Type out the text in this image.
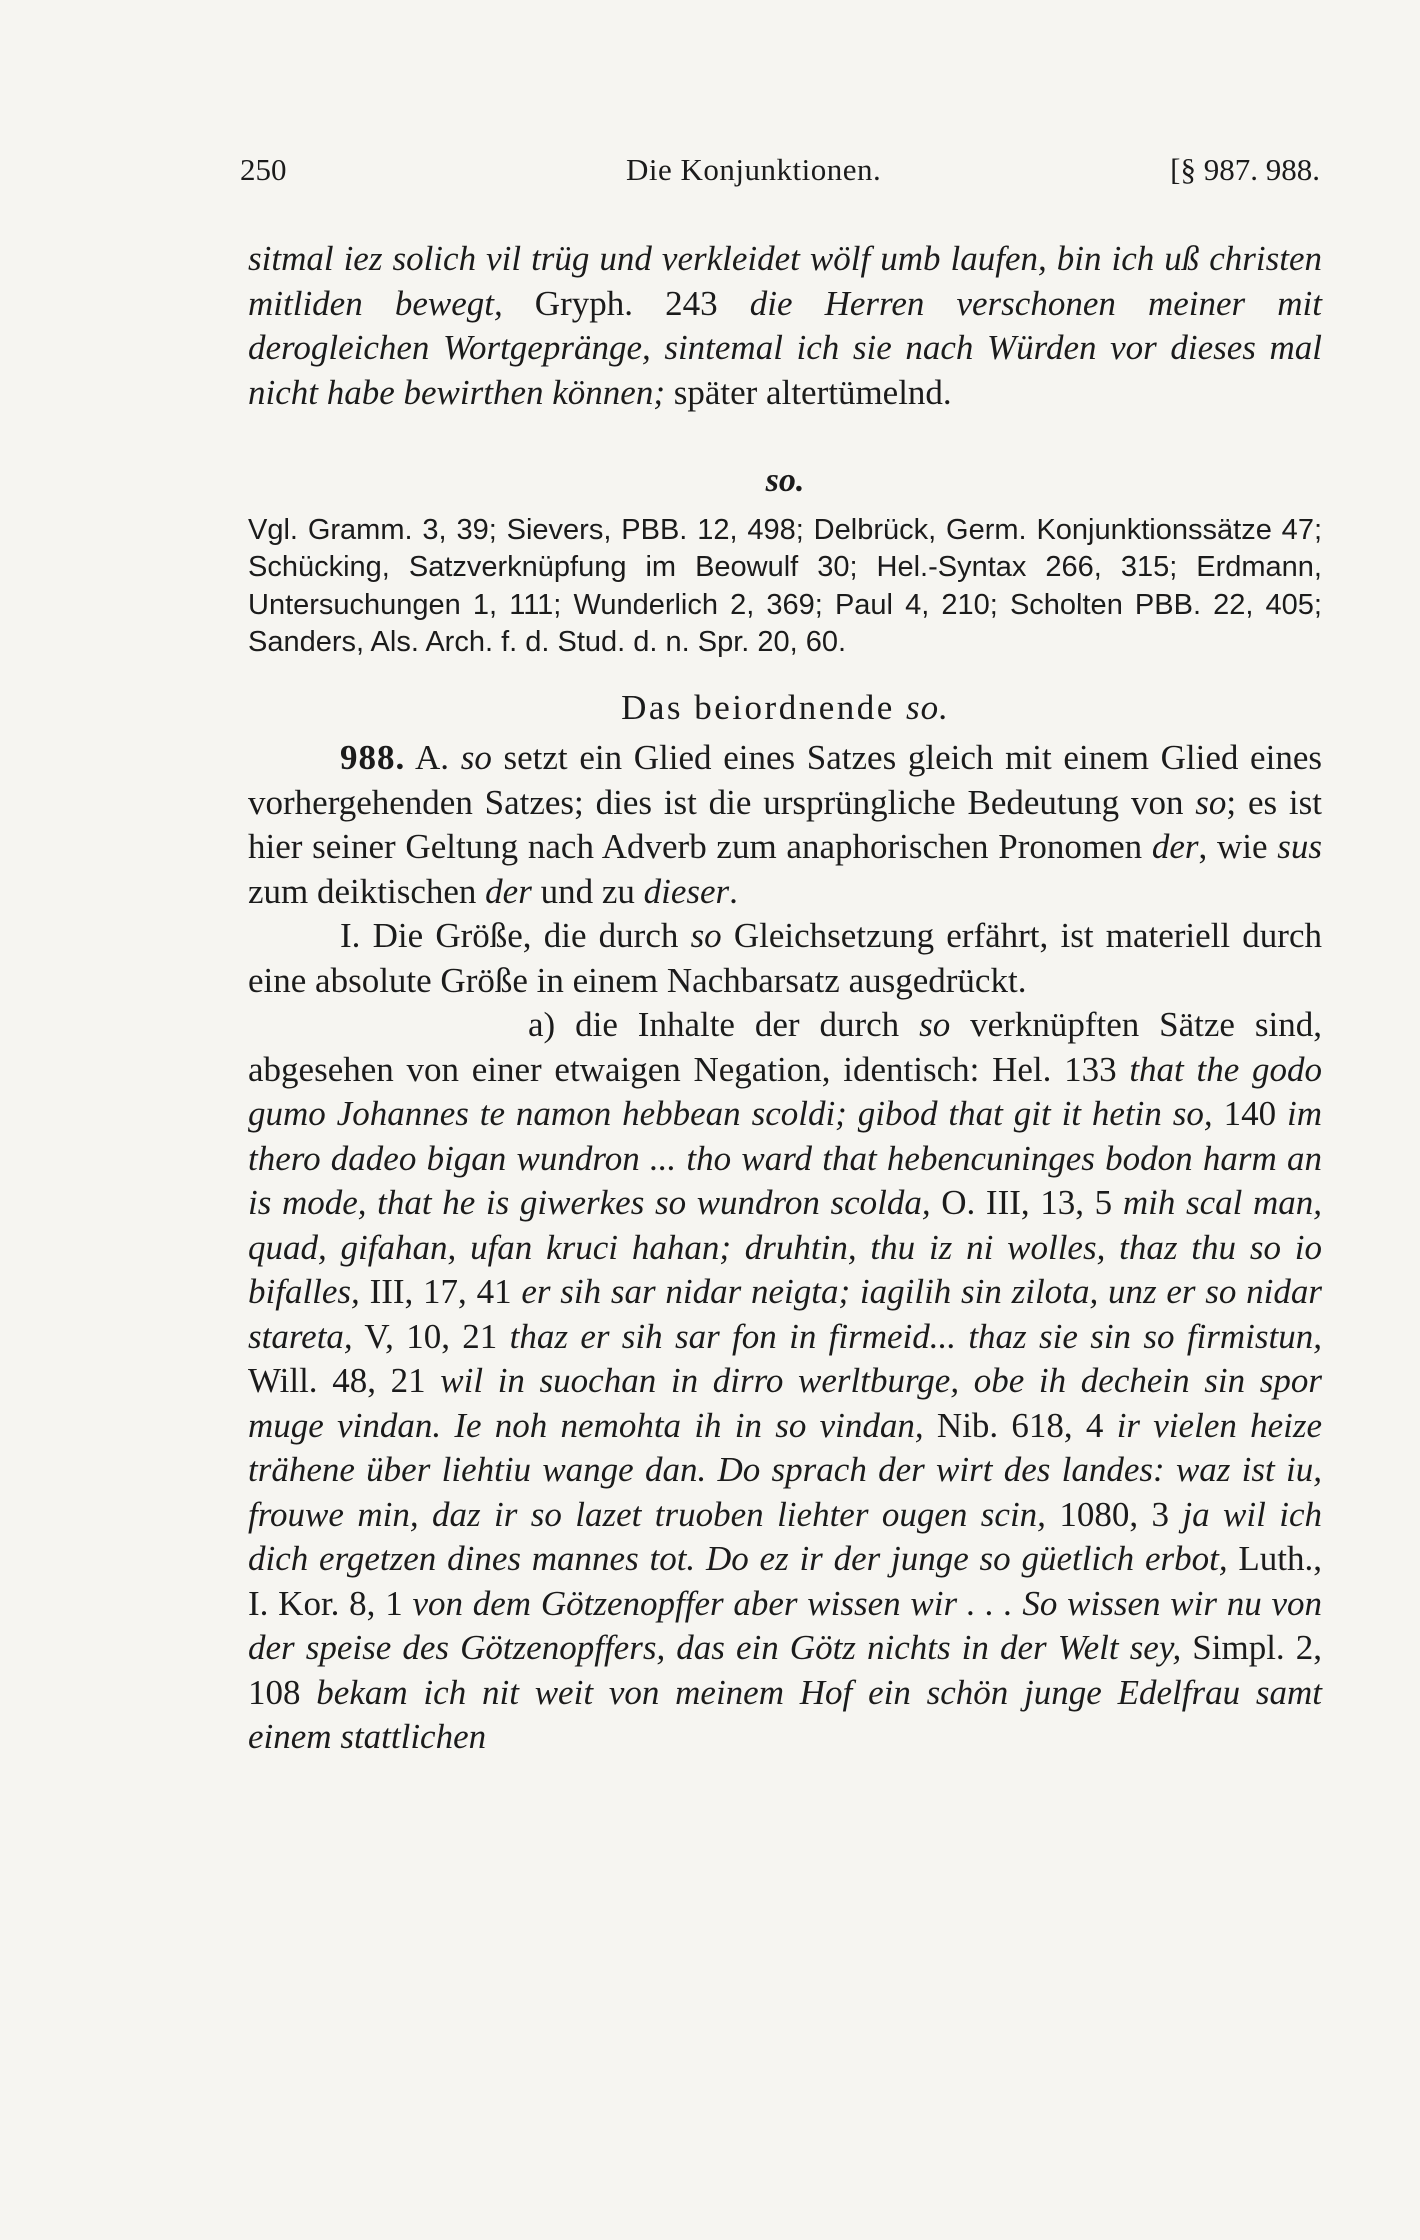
250	Die Konjunktionen.	[§ 987. 988.

sitmal iez solich vil trüg und verkleidet wölf umb laufen, bin ich uß christen mitliden bewegt, Gryph. 243 die Herren verschonen meiner mit derogleichen Wortgepränge, sintemal ich sie nach Würden vor dieses mal nicht habe bewirthen können; später altertümelnd.

so.

Vgl. Gramm. 3, 39; Sievers, PBB. 12, 498; Delbrück, Germ. Konjunktionssätze 47; Schücking, Satzverknüpfung im Beowulf 30; Hel.-Syntax 266, 315; Erdmann, Untersuchungen 1, 111; Wunderlich 2, 369; Paul 4, 210; Scholten PBB. 22, 405; Sanders, Als. Arch. f. d. Stud. d. n. Spr. 20, 60.

Das beiordnende so.

988. A. so setzt ein Glied eines Satzes gleich mit einem Glied eines vorhergehenden Satzes; dies ist die ursprüngliche Bedeutung von so; es ist hier seiner Geltung nach Adverb zum anaphorischen Pronomen der, wie sus zum deiktischen der und zu dieser.

I. Die Größe, die durch so Gleichsetzung erfährt, ist materiell durch eine absolute Größe in einem Nachbarsatz ausgedrückt.

a) die Inhalte der durch so verknüpften Sätze sind, abgesehen von einer etwaigen Negation, identisch: Hel. 133 that the godo gumo Johannes te namon hebbean scoldi; gibod that git it hetin so, 140 im thero dadeo bigan wundron ... tho ward that hebencuninges bodon harm an is mode, that he is giwerkes so wundron scolda, O. III, 13, 5 mih scal man, quad, gifahan, ufan kruci hahan; druhtin, thu iz ni wolles, thaz thu so io bifalles, III, 17, 41 er sih sar nidar neigta; iagilih sin zilota, unz er so nidar stareta, V, 10, 21 thaz er sih sar fon in firmeid... thaz sie sin so firmistun, Will. 48, 21 wil in suochan in dirro werltburge, obe ih dechein sin spor muge vindan. Ie noh nemohta ih in so vindan, Nib. 618, 4 ir vielen heize trähene über liehtiu wange dan. Do sprach der wirt des landes: waz ist iu, frouwe min, daz ir so lazet truoben liehter ougen scin, 1080, 3 ja wil ich dich ergetzen dines mannes tot. Do ez ir der junge so güetlich erbot, Luth., I. Kor. 8, 1 von dem Götzenopffer aber wissen wir . . . So wissen wir nu von der speise des Götzenopffers, das ein Götz nichts in der Welt sey, Simpl. 2, 108 bekam ich nit weit von meinem Hof ein schön junge Edelfrau samt einem stattlichen
